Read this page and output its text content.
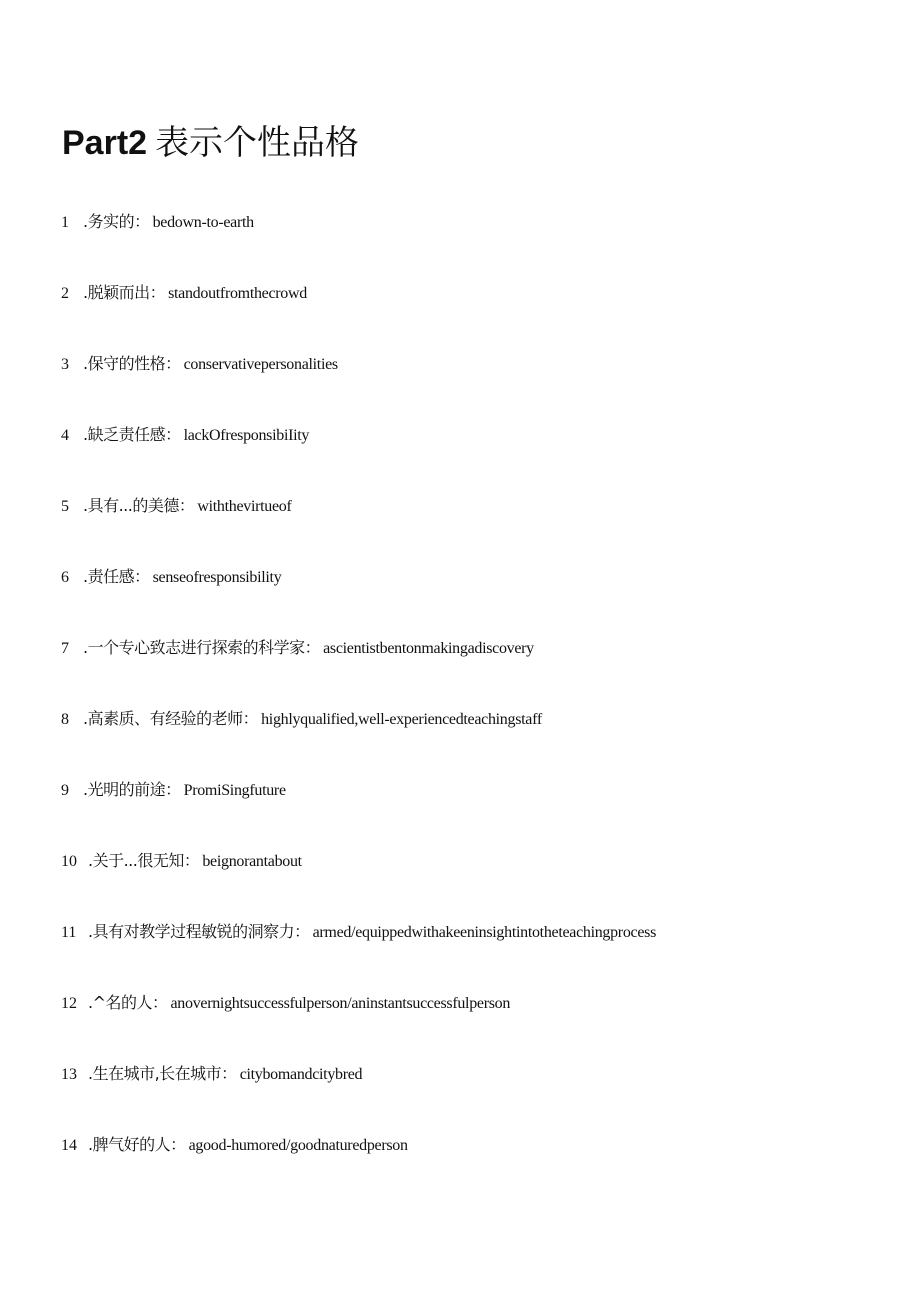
Part2 表示个性品格
1 .务实的： bedown-to-earth
2 .脱颖而出： standoutfromthecrowd
3 .保守的性格： conservativepersonalities
4 .缺乏责任感： lackOfresponsibiIity
5 .具有...的美德： withthevirtueof
6 .责任感： senseofresponsibility
7 .一个专心致志进行探索的科学家： ascientistbentonmakingadiscovery
8 .高素质、有经验的老师： highlyqualified,well-experiencedteachingstaff
9 .光明的前途： PromiSingfuture
10 .关于...很无知： beignorantabout
11 .具有对教学过程敏锐的洞察力： armed/equippedwithakeeninsightintotheteachingprocess
12 .^名的人： anovernightsuccessfulperson/aninstantsuccessfulperson
13 .生在城市,长在城市： citybomandcitybred
14 .脾气好的人： agood-humored/goodnaturedperson
